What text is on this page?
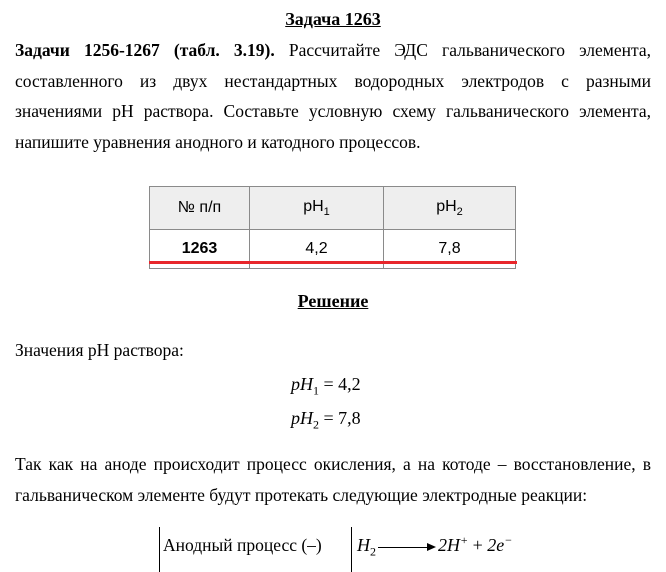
Задача 1263

Задачи 1256-1267 (табл. 3.19). Рассчитайте ЭДС гальванического элемента, составленного из двух нестандартных водородных электродов с разными значениями pH раствора. Составьте условную схему гальванического элемента, напишите уравнения анодного и катодного процессов.

№ п/п	$pH_1$	$pH_2$
1263	4,2	7,8
Решение

Значения pH раствора:

$pH_1 = 4,2$
$pH_2 = 7,8$

Так как на аноде происходит процесс окисления, а на котоде – восстановление, в гальваническом элементе будут протекать следующие электродные реакции:

Анодный процесс (–) $H_2$	2H+ + 2e−
